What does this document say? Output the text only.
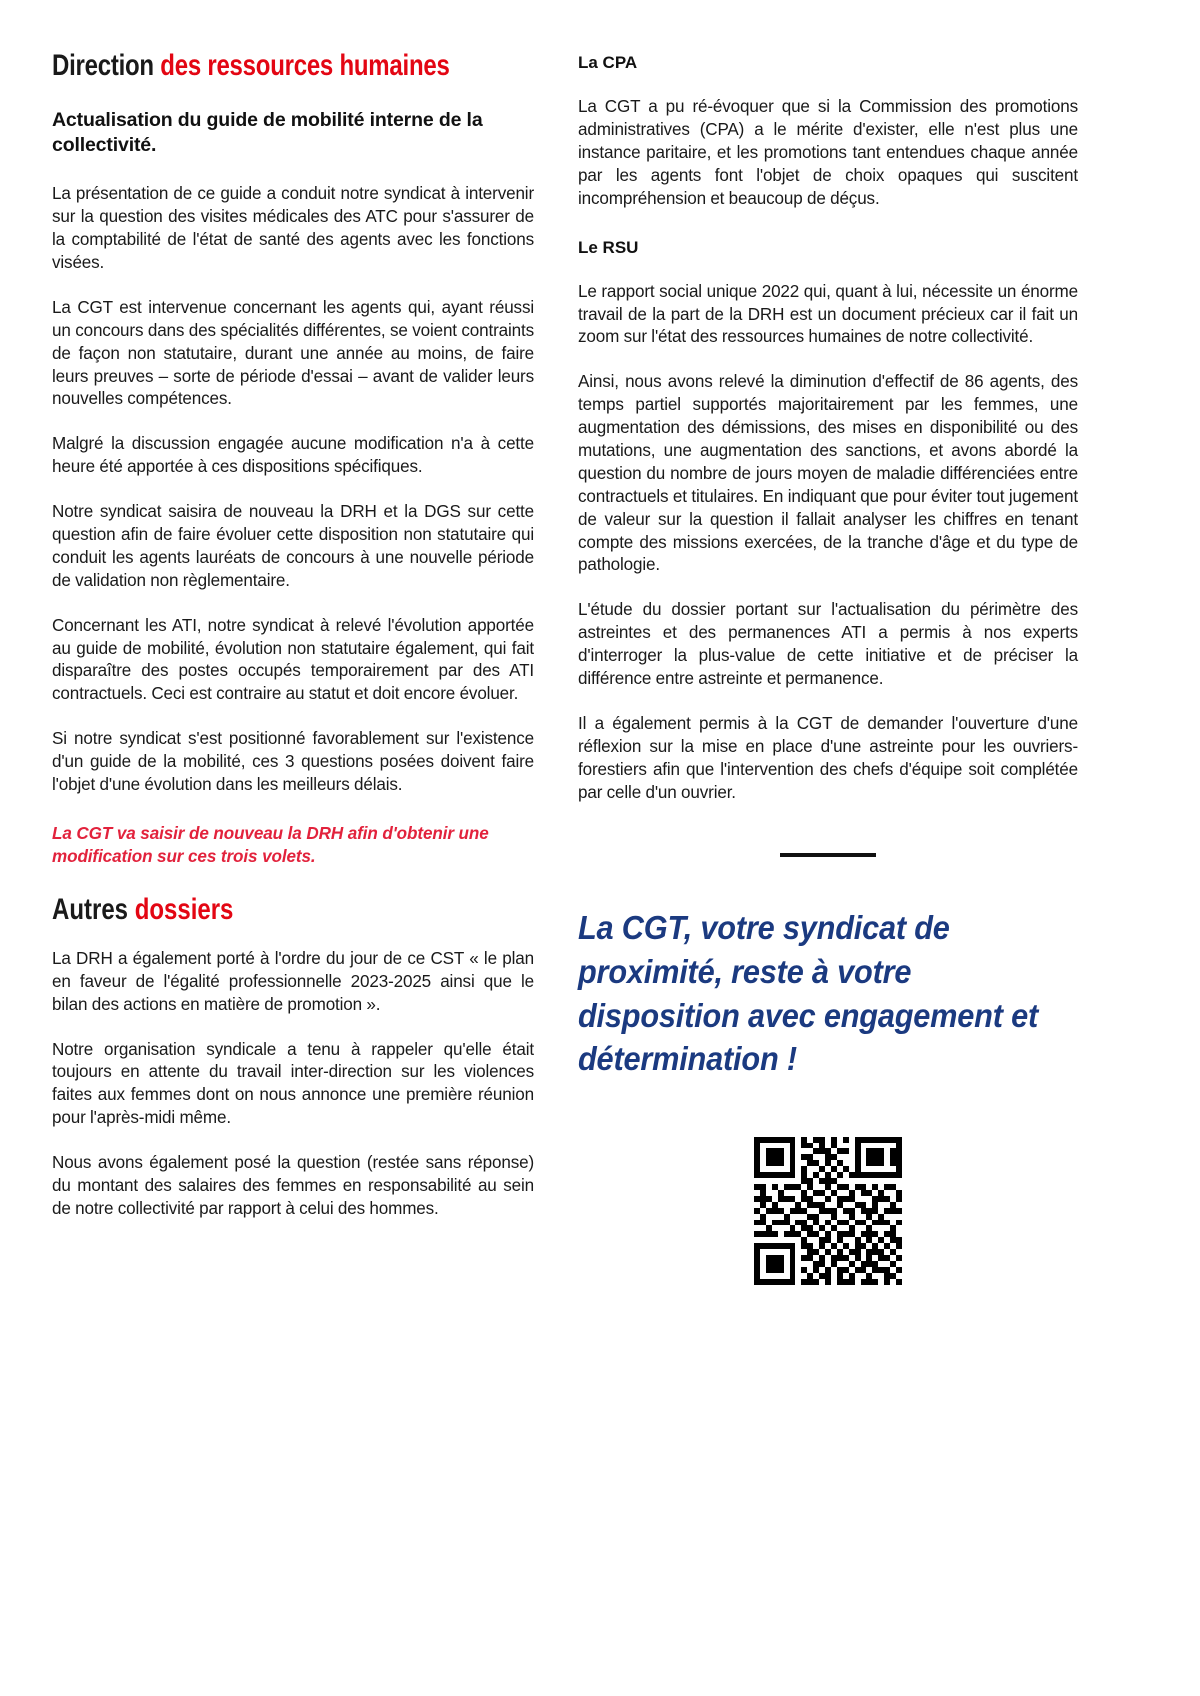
Direction des ressources humaines
Actualisation du guide de mobilité interne de la collectivité.

La présentation de ce guide a conduit notre syndicat à intervenir sur la question des visites médicales des ATC pour s'assurer de la comptabilité de l'état de santé des agents avec les fonctions visées.

La CGT est intervenue concernant les agents qui, ayant réussi un concours dans des spécialités différentes, se voient contraints de façon non statutaire, durant une année au moins, de faire leurs preuves – sorte de période d'essai – avant de valider leurs nouvelles compétences.

Malgré la discussion engagée aucune modification n'a à cette heure été apportée à ces dispositions spécifiques.

Notre syndicat saisira de nouveau la DRH et la DGS sur cette question afin de faire évoluer cette disposition non statutaire qui conduit les agents lauréats de concours à une nouvelle période de validation non règlementaire.

Concernant les ATI, notre syndicat à relevé l'évolution apportée au guide de mobilité, évolution non statutaire également, qui fait disparaître des postes occupés temporairement par des ATI contractuels. Ceci est contraire au statut et doit encore évoluer.

Si notre syndicat s'est positionné favorablement sur l'existence d'un guide de la mobilité, ces 3 questions posées doivent faire l'objet d'une évolution dans les meilleurs délais.

La CGT va saisir de nouveau la DRH afin d'obtenir une modification sur ces trois volets.

Autres dossiers

La DRH a également porté à l'ordre du jour de ce CST « le plan en faveur de l'égalité professionnelle 2023-2025 ainsi que le bilan des actions en matière de promotion ».

Notre organisation syndicale a tenu à rappeler qu'elle était toujours en attente du travail inter-direction sur les violences faites aux femmes dont on nous annonce une première réunion pour l'après-midi même.

Nous avons également posé la question (restée sans réponse) du montant des salaires des femmes en responsabilité au sein de notre collectivité par rapport à celui des hommes.

La CPA

La CGT a pu ré-évoquer que si la Commission des promotions administratives (CPA) a le mérite d'exister, elle n'est plus une instance paritaire, et les promotions tant entendues chaque année par les agents font l'objet de choix opaques qui suscitent incompréhension et beaucoup de déçus.

Le RSU

Le rapport social unique 2022 qui, quant à lui, nécessite un énorme travail de la part de la DRH est un document précieux car il fait un zoom sur l'état des ressources humaines de notre collectivité.

Ainsi, nous avons relevé la diminution d'effectif de 86 agents, des temps partiel supportés majoritairement par les femmes, une augmentation des démissions, des mises en disponibilité ou des mutations, une augmentation des sanctions, et avons abordé la question du nombre de jours moyen de maladie différenciées entre contractuels et titulaires. En indiquant que pour éviter tout jugement de valeur sur la question il fallait analyser les chiffres en tenant compte des missions exercées, de la tranche d'âge et du type de pathologie.

L'étude du dossier portant sur l'actualisation du périmètre des astreintes et des permanences ATI a permis à nos experts d'interroger la plus-value de cette initiative et de préciser la différence entre astreinte et permanence.

Il a également permis à la CGT de demander l'ouverture d'une réflexion sur la mise en place d'une astreinte pour les ouvriers-forestiers afin que l'intervention des chefs d'équipe soit complétée par celle d'un ouvrier.

La CGT, votre syndicat de proximité, reste à votre disposition avec engagement et détermination !
